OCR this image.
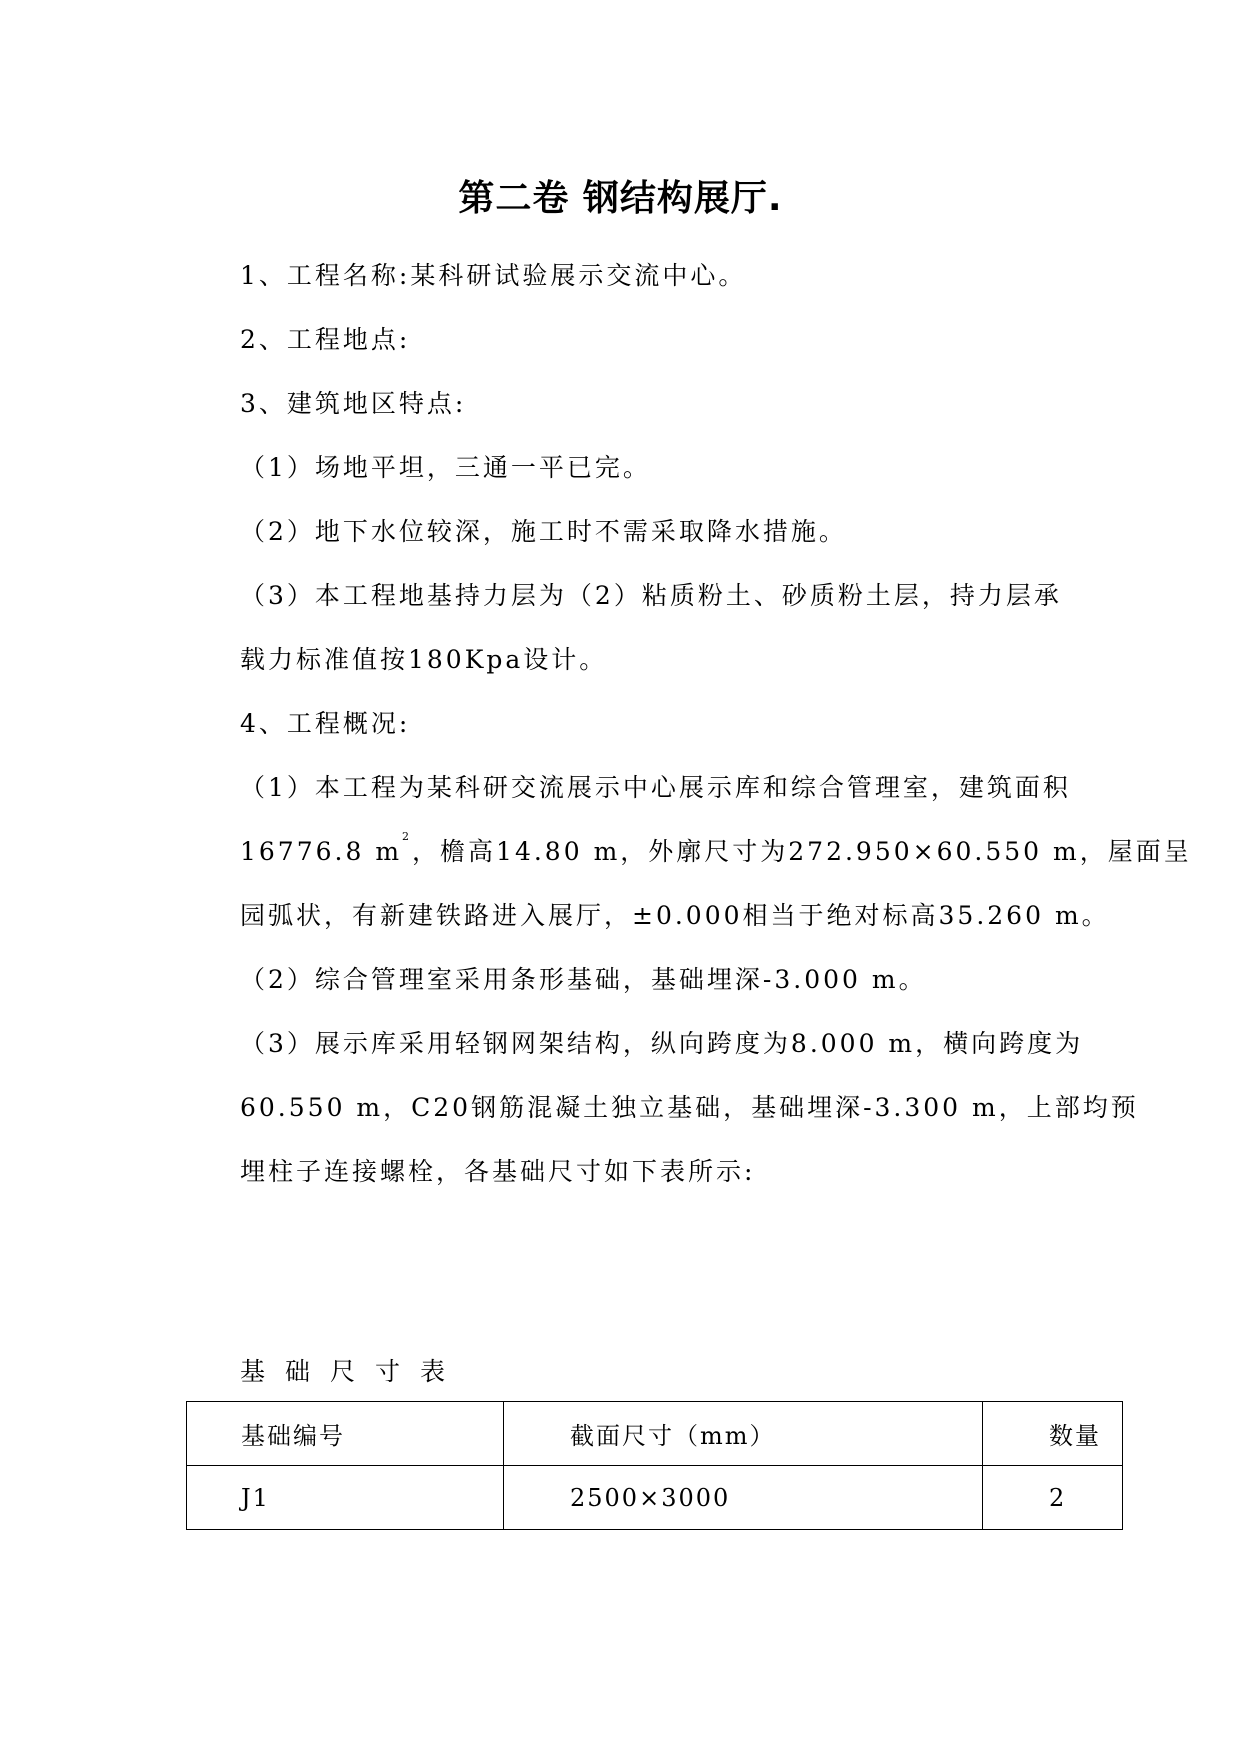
第二卷 钢结构展厅.
1、工程名称:某科研试验展示交流中心。
2、工程地点:
3、建筑地区特点:
（1）场地平坦，三通一平已完。
（2）地下水位较深，施工时不需采取降水措施。
（3）本工程地基持力层为（2）粘质粉土、砂质粉土层，持力层承
载力标准值按180Kpa设计。
4、工程概况:
（1）本工程为某科研交流展示中心展示库和综合管理室，建筑面积
16776.8 $m^2$，檐高14.80 m，外廓尺寸为272.950×60.550 m，屋面呈
园弧状，有新建铁路进入展厅，±0.000相当于绝对标高35.260 m。
（2）综合管理室采用条形基础，基础埋深-3.000 m。
（3）展示库采用轻钢网架结构，纵向跨度为8.000 m，横向跨度为
60.550 m，C20钢筋混凝土独立基础，基础埋深-3.300 m，上部均预
埋柱子连接螺栓，各基础尺寸如下表所示:
基础尺寸表
基础编号	截面尺寸（mm）	数量
J1	2500×3000	2
